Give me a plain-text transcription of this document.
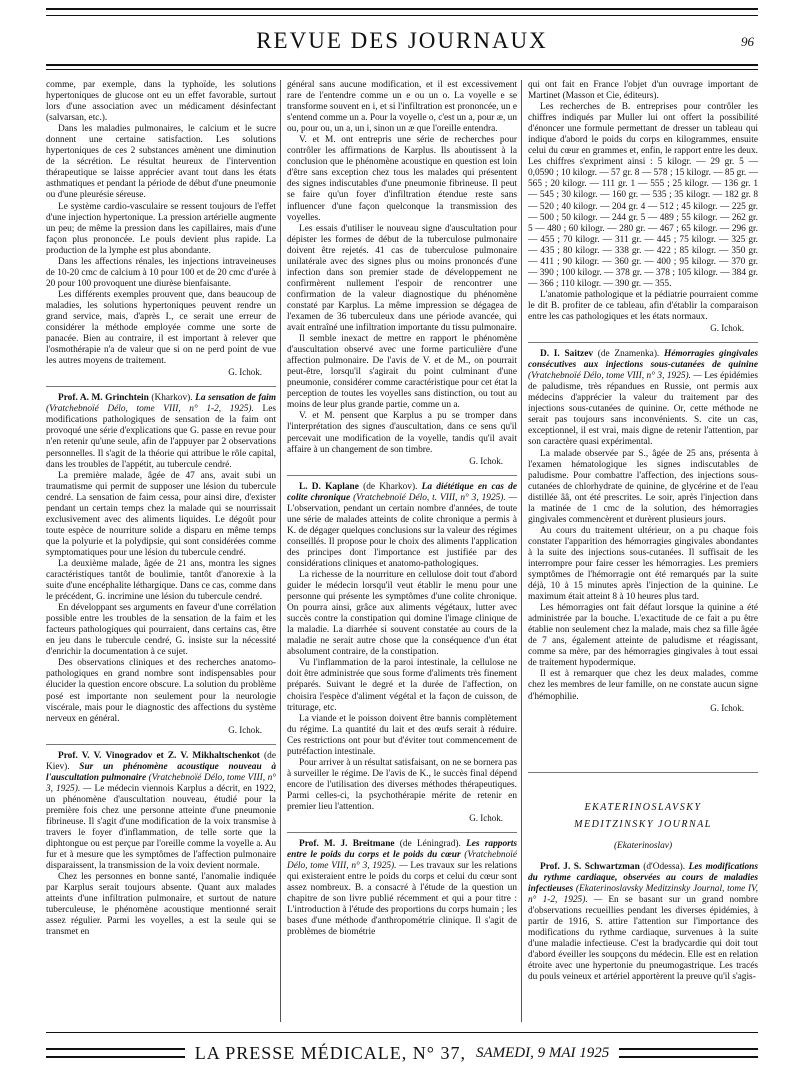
REVUE DES JOURNAUX	96

comme, par exemple, dans la typhoïde, les solutions hypertoniques de glucose ont eu un effet favorable, surtout lors d'une association avec un médicament désinfectant (salvarsan, etc.).

Dans les maladies pulmonaires, le calcium et le sucre donnent une certaine satisfaction. Les solutions hypertoniques de ces 2 substances amènent une diminution de la sécrétion. Le résultat heureux de l'intervention thérapeutique se laisse apprécier avant tout dans les états asthmatiques et pendant la période de début d'une pneumonie ou d'une pleurésie séreuse.

Le système cardio-vasculaire se ressent toujours de l'effet d'une injection hypertonique. La pression artérielle augmente un peu; de même la pression dans les capillaires, mais d'une façon plus prononcée. Le pouls devient plus rapide. La production de la lymphe est plus abondante.

Dans les affections rénales, les injections intraveineuses de 10-20 cmc de calcium à 10 pour 100 et de 20 cmc d'urée à 20 pour 100 provoquent une diurèse bienfaisante.

Les différents exemples prouvent que, dans beaucoup de maladies, les solutions hypertoniques peuvent rendre un grand service, mais, d'après I., ce serait une erreur de considérer la méthode employée comme une sorte de panacée. Bien au contraire, il est important à relever que l'osmothérapie n'a de valeur que si on ne perd point de vue les autres moyens de traitement.

G. Ichok.

Prof. A. M. Grinchtein (Kharkov). La sensation de faim (Vratchebnoïé Délo, tome VIII, n° 1-2, 1925). Les modifications pathologiques de sensation de la faim ont provoqué une série d'explications que G. passe en revue pour n'en retenir qu'une seule, afin de l'appuyer par 2 observations personnelles. Il s'agit de la théorie qui attribue le rôle capital, dans les troubles de l'appétit, au tubercule cendré.

La première malade, âgée de 47 ans, avait subi un traumatisme qui permit de supposer une lésion du tubercule cendré. La sensation de faim cessa, pour ainsi dire, d'exister pendant un certain temps chez la malade qui se nourrissait exclusivement avec des aliments liquides. Le dégoût pour toute espèce de nourriture solide a disparu en même temps que la polyurie et la polydipsie, qui sont considérées comme symptomatiques pour une lésion du tubercule cendré.

La deuxième malade, âgée de 21 ans, montra les signes caractéristiques tantôt de boulimie, tantôt d'anorexie à la suite d'une encéphalite léthargique. Dans ce cas, comme dans le précédent, G. incrimine une lésion du tubercule cendré.

En développant ses arguments en faveur d'une corrélation possible entre les troubles de la sensation de la faim et les facteurs pathologiques qui pourraient, dans certains cas, être en jeu dans le tubercule cendré, G. insiste sur la nécessité d'enrichir la documentation à ce sujet.

Des observations cliniques et des recherches anatomo-pathologiques en grand nombre sont indispensables pour élucider la question encore obscure. La solution du problème posé est importante non seulement pour la neurologie viscérale, mais pour le diagnostic des affections du système nerveux en général.

G. Ichok.

Prof. V. V. Vinogradov et Z. V. Mikhaltschenkot (de Kiev). Sur un phénomène acoustique nouveau à l'auscultation pulmonaire (Vratchebnoïé Délo, tome VIII, n° 3, 1925). — Le médecin viennois Karplus a décrit, en 1922, un phénomène d'auscultation nouveau, étudié pour la première fois chez une personne atteinte d'une pneumonie fibrineuse. Il s'agit d'une modification de la voix transmise à travers le foyer d'inflammation, de telle sorte que la diphtongue ou est perçue par l'oreille comme la voyelle a. Au fur et à mesure que les symptômes de l'affection pulmonaire disparaissent, la transmission de la voix devient normale.

Chez les personnes en bonne santé, l'anomalie indiquée par Karplus serait toujours absente. Quant aux malades atteints d'une infiltration pulmonaire, et surtout de nature tuberculeuse, le phénomène acoustique mentionné serait assez régulier. Parmi les voyelles, a est la seule qui se transmet en

général sans aucune modification, et il est excessivement rare de l'entendre comme un e ou un o. La voyelle e se transforme souvent en i, et si l'infiltration est prononcée, un e s'entend comme un a. Pour la voyelle o, c'est un a, pour æ, un ou, pour ou, un a, un i, sinon un æ que l'oreille entendra.

V. et M. ont entrepris une série de recherches pour contrôler les affirmations de Karplus. Ils aboutissent à la conclusion que le phénomène acoustique en question est loin d'être sans exception chez tous les malades qui présentent des signes indiscutables d'une pneumonie fibrineuse. Il peut se faire qu'un foyer d'infiltration étendue reste sans influencer d'une façon quelconque la transmission des voyelles.

Les essais d'utiliser le nouveau signe d'auscultation pour dépister les formes de début de la tuberculose pulmonaire doivent être rejetés. 41 cas de tuberculose pulmonaire unilatérale avec des signes plus ou moins prononcés d'une infection dans son premier stade de développement ne confirmèrent nullement l'espoir de rencontrer une confirmation de la valeur diagnostique du phénomène constaté par Karplus. La même impression se dégagea de l'examen de 36 tuberculeux dans une période avancée, qui avait entraîné une infiltration importante du tissu pulmonaire.

Il semble inexact de mettre en rapport le phénomène d'auscultation observé avec une forme particulière d'une affection pulmonaire. De l'avis de V. et de M., on pourrait peut-être, lorsqu'il s'agirait du point culminant d'une pneumonie, considérer comme caractéristique pour cet état la perception de toutes les voyelles sans distinction, ou tout au moins de leur plus grande partie, comme un a.

V. et M. pensent que Karplus a pu se tromper dans l'interprétation des signes d'auscultation, dans ce sens qu'il percevait une modification de la voyelle, tandis qu'il avait affaire à un changement de son timbre.

G. Ichok.

L. D. Kaplane (de Kharkov). La diététique en cas de colite chronique (Vratchebnoïé Délo, t. VIII, n° 3, 1925). — L'observation, pendant un certain nombre d'années, de toute une série de malades atteints de colite chronique a permis à K. de dégager quelques conclusions sur la valeur des régimes conseillés. Il propose pour le choix des aliments l'application des principes dont l'importance est justifiée par des considérations cliniques et anatomo-pathologiques.

La richesse de la nourriture en cellulose doit tout d'abord guider le médecin lorsqu'il veut établir le menu pour une personne qui présente les symptômes d'une colite chronique. On pourra ainsi, grâce aux aliments végétaux, lutter avec succès contre la constipation qui domine l'image clinique de la maladie. La diarrhée si souvent constatée au cours de la maladie ne serait autre chose que la conséquence d'un état absolument contraire, de la constipation.

Vu l'inflammation de la paroi intestinale, la cellulose ne doit être administrée que sous forme d'aliments très finement préparés. Suivant le degré et la durée de l'affection, on choisira l'espèce d'aliment végétal et la façon de cuisson, de triturage, etc.

La viande et le poisson doivent être bannis complètement du régime. La quantité du lait et des œufs serait à réduire. Ces restrictions ont pour but d'éviter tout commencement de putréfaction intestinale.

Pour arriver à un résultat satisfaisant, on ne se bornera pas à surveiller le régime. De l'avis de K., le succès final dépend encore de l'utilisation des diverses méthodes thérapeutiques. Parmi celles-ci, la psychothérapie mérite de retenir en premier lieu l'attention.

G. Ichok.

Prof. M. J. Breitmane (de Léningrad). Les rapports entre le poids du corps et le poids du cœur (Vratchebnoïé Délo, tome VIII, n° 3, 1925). — Les travaux sur les relations qui existeraient entre le poids du corps et celui du cœur sont assez nombreux. B. a consacré à l'étude de la question un chapitre de son livre publié récemment et qui a pour titre : L'introduction à l'étude des proportions du corps humain ; les bases d'une méthode d'anthropométrie clinique. Il s'agit de problèmes de biométrie

qui ont fait en France l'objet d'un ouvrage important de Martinet (Masson et Cie, éditeurs).

Les recherches de B. entreprises pour contrôler les chiffres indiqués par Muller lui ont offert la possibilité d'énoncer une formule permettant de dresser un tableau qui indique d'abord le poids du corps en kilogrammes, ensuite celui du cœur en grammes et, enfin, le rapport entre les deux. Les chiffres s'expriment ainsi : 5 kilogr. — 29 gr. 5 — 0,0590 ; 10 kilogr. — 57 gr. 8 — 578 ; 15 kilogr. — 85 gr. — 565 ; 20 kilogr. — 111 gr. 1 — 555 ; 25 kilogr. — 136 gr. 1 — 545 ; 30 kilogr. — 160 gr. — 535 ; 35 kilogr. — 182 gr. 8 — 520 ; 40 kilogr. — 204 gr. 4 — 512 ; 45 kilogr. — 225 gr. — 500 ; 50 kilogr. — 244 gr. 5 — 489 ; 55 kilogr. — 262 gr. 5 — 480 ; 60 kilogr. — 280 gr. — 467 ; 65 kilogr. — 296 gr. — 455 ; 70 kilogr. — 311 gr. — 445 ; 75 kilogr. — 325 gr. — 435 ; 80 kilogr. — 338 gr. — 422 ; 85 kilogr. — 350 gr. — 411 ; 90 kilogr. — 360 gr. — 400 ; 95 kilogr. — 370 gr. — 390 ; 100 kilogr. — 378 gr. — 378 ; 105 kilogr. — 384 gr. — 366 ; 110 kilogr. — 390 gr. — 355.

L'anatomie pathologique et la pédiatrie pourraient comme le dit B. profiter de ce tableau, afin d'établir la comparaison entre les cas pathologiques et les états normaux.

G. Ichok.

D. I. Saitzev (de Znamenka). Hémorragies gingivales consécutives aux injections sous-cutanées de quinine (Vratchebnoïé Délo, tome VIII, n° 3, 1925). — Les épidémies de paludisme, très répandues en Russie, ont permis aux médecins d'apprécier la valeur du traitement par des injections sous-cutanées de quinine. Or, cette méthode ne serait pas toujours sans inconvénients. S. cite un cas, exceptionnel, il est vrai, mais digne de retenir l'attention, par son caractère quasi expérimental.

La malade observée par S., âgée de 25 ans, présenta à l'examen hématologique les signes indiscutables de paludisme. Pour combattre l'affection, des injections sous-cutanées de chlorhydrate de quinine, de glycérine et de l'eau distillée ââ, ont été prescrites. Le soir, après l'injection dans la matinée de 1 cmc de la solution, des hémorragies gingivales commencèrent et durèrent plusieurs jours.

Au cours du traitement ultérieur, on a pu chaque fois constater l'apparition des hémorragies gingivales abondantes à la suite des injections sous-cutanées. Il suffisait de les interrompre pour faire cesser les hémorragies. Les premiers symptômes de l'hémorragie ont été remarqués par la suite déjà, 10 à 15 minutes après l'injection de la quinine. Le maximum était atteint 8 à 10 heures plus tard.

Les hémorragies ont fait défaut lorsque la quinine a été administrée par la bouche. L'exactitude de ce fait a pu être établie non seulement chez la malade, mais chez sa fille âgée de 7 ans, également atteinte de paludisme et réagissant, comme sa mère, par des hémorragies gingivales à tout essai de traitement hypodermique.

Il est à remarquer que chez les deux malades, comme chez les membres de leur famille, on ne constate aucun signe d'hémophilie.

G. Ichok.
EKATERINOSLAVSKY
MEDITZINSKY JOURNAL
(Ekaterinoslav)

Prof. J. S. Schwartzman (d'Odessa). Les modifications du rythme cardiaque, observées au cours de maladies infectieuses (Ekaterinoslavsky Meditzinsky Journal, tome IV, n° 1-2, 1925). — En se basant sur un grand nombre d'observations recueillies pendant les diverses épidémies, à partir de 1916, S. attire l'attention sur l'importance des modifications du rythme cardiaque, survenues à la suite d'une maladie infectieuse. C'est la bradycardie qui doit tout d'abord éveiller les soupçons du médecin. Elle est en relation étroite avec une hypertonie du pneumogastrique. Les tracés du pouls veineux et artériel apportèrent la preuve qu'il s'agis-

LA PRESSE MÉDICALE, N° 37, SAMEDI, 9 MAI 1925
